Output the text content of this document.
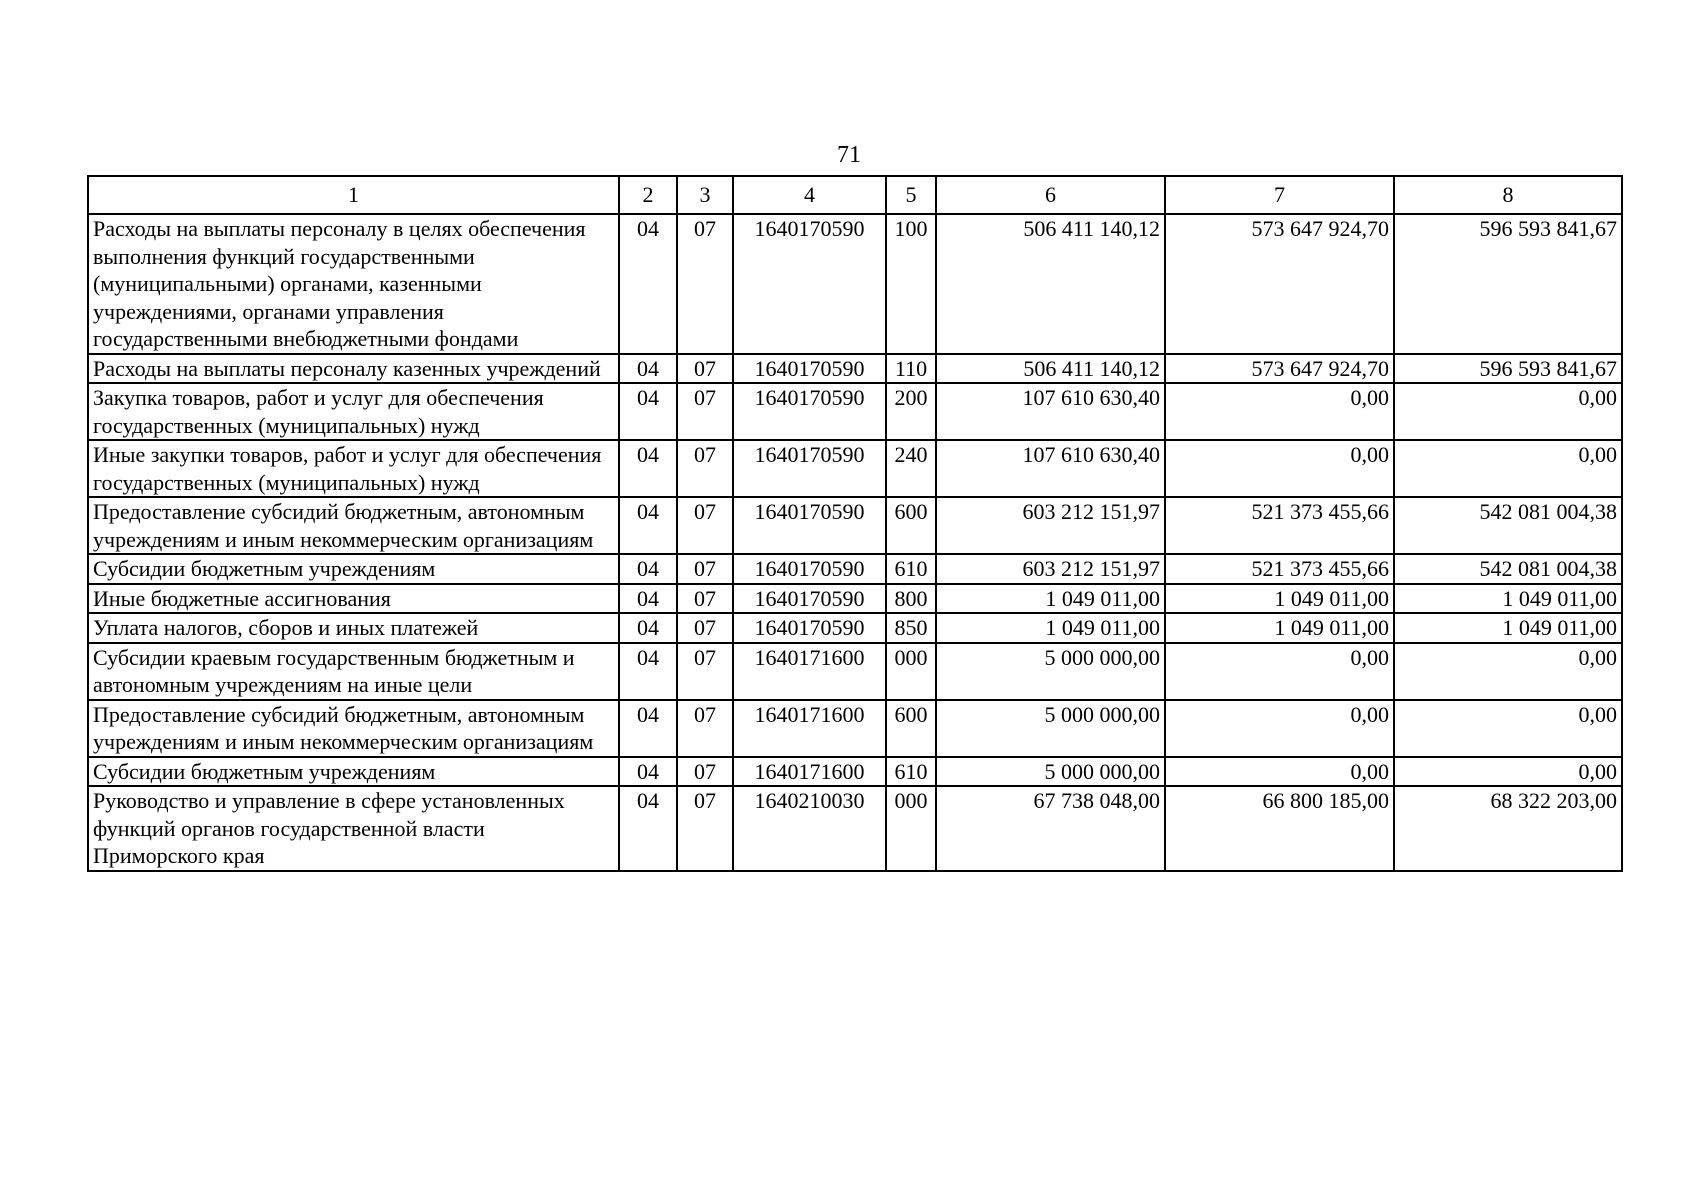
71
1	2	3	4	5	6	7	8
Расходы на выплаты персоналу в целях обеспечения выполнения функций государственными (муниципальными) органами, казенными учреждениями, органами управления государственными внебюджетными фондами	04	07	1640170590	100	506 411 140,12	573 647 924,70	596 593 841,67
Расходы на выплаты персоналу казенных учреждений	04	07	1640170590	110	506 411 140,12	573 647 924,70	596 593 841,67
Закупка товаров, работ и услуг для обеспечения государственных (муниципальных) нужд	04	07	1640170590	200	107 610 630,40	0,00	0,00
Иные закупки товаров, работ и услуг для обеспечения государственных (муниципальных) нужд	04	07	1640170590	240	107 610 630,40	0,00	0,00
Предоставление субсидий бюджетным, автономным учреждениям и иным некоммерческим организациям	04	07	1640170590	600	603 212 151,97	521 373 455,66	542 081 004,38
Субсидии бюджетным учреждениям	04	07	1640170590	610	603 212 151,97	521 373 455,66	542 081 004,38
Иные бюджетные ассигнования	04	07	1640170590	800	1 049 011,00	1 049 011,00	1 049 011,00
Уплата налогов, сборов и иных платежей	04	07	1640170590	850	1 049 011,00	1 049 011,00	1 049 011,00
Субсидии краевым государственным бюджетным и автономным учреждениям на иные цели	04	07	1640171600	000	5 000 000,00	0,00	0,00
Предоставление субсидий бюджетным, автономным учреждениям и иным некоммерческим организациям	04	07	1640171600	600	5 000 000,00	0,00	0,00
Субсидии бюджетным учреждениям	04	07	1640171600	610	5 000 000,00	0,00	0,00
Руководство и управление в сфере установленных функций органов государственной власти Приморского края	04	07	1640210030	000	67 738 048,00	66 800 185,00	68 322 203,00
